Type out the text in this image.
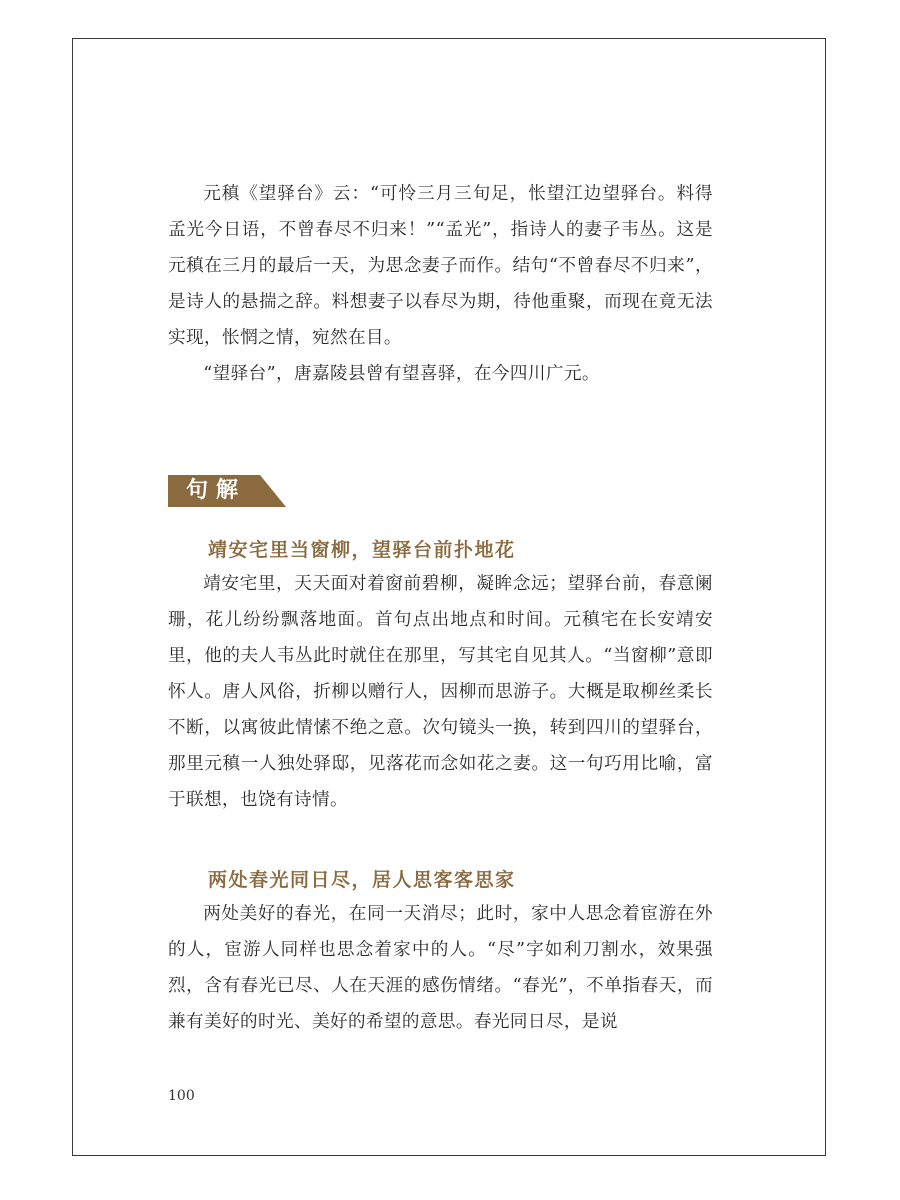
元稹《望驿台》云：“可怜三月三旬足，怅望江边望驿台。料得孟光今日语，不曾春尽不归来！”“孟光”，指诗人的妻子韦丛。这是元稹在三月的最后一天，为思念妻子而作。结句“不曾春尽不归来”，是诗人的悬揣之辞。料想妻子以春尽为期，待他重聚，而现在竟无法实现，怅惘之情，宛然在目。

“望驿台”，唐嘉陵县曾有望喜驿，在今四川广元。

句解
靖安宅里当窗柳，望驿台前扑地花

靖安宅里，天天面对着窗前碧柳，凝眸念远；望驿台前，春意阑珊，花儿纷纷飘落地面。首句点出地点和时间。元稹宅在长安靖安里，他的夫人韦丛此时就住在那里，写其宅自见其人。“当窗柳”意即怀人。唐人风俗，折柳以赠行人，因柳而思游子。大概是取柳丝柔长不断，以寓彼此情愫不绝之意。次句镜头一换，转到四川的望驿台，那里元稹一人独处驿邸，见落花而念如花之妻。这一句巧用比喻，富于联想，也饶有诗情。

两处春光同日尽，居人思客客思家

两处美好的春光，在同一天消尽；此时，家中人思念着宦游在外的人，宦游人同样也思念着家中的人。“尽”字如利刀割水，效果强烈，含有春光已尽、人在天涯的感伤情绪。“春光”，不单指春天，而兼有美好的时光、美好的希望的意思。春光同日尽，是说

100
